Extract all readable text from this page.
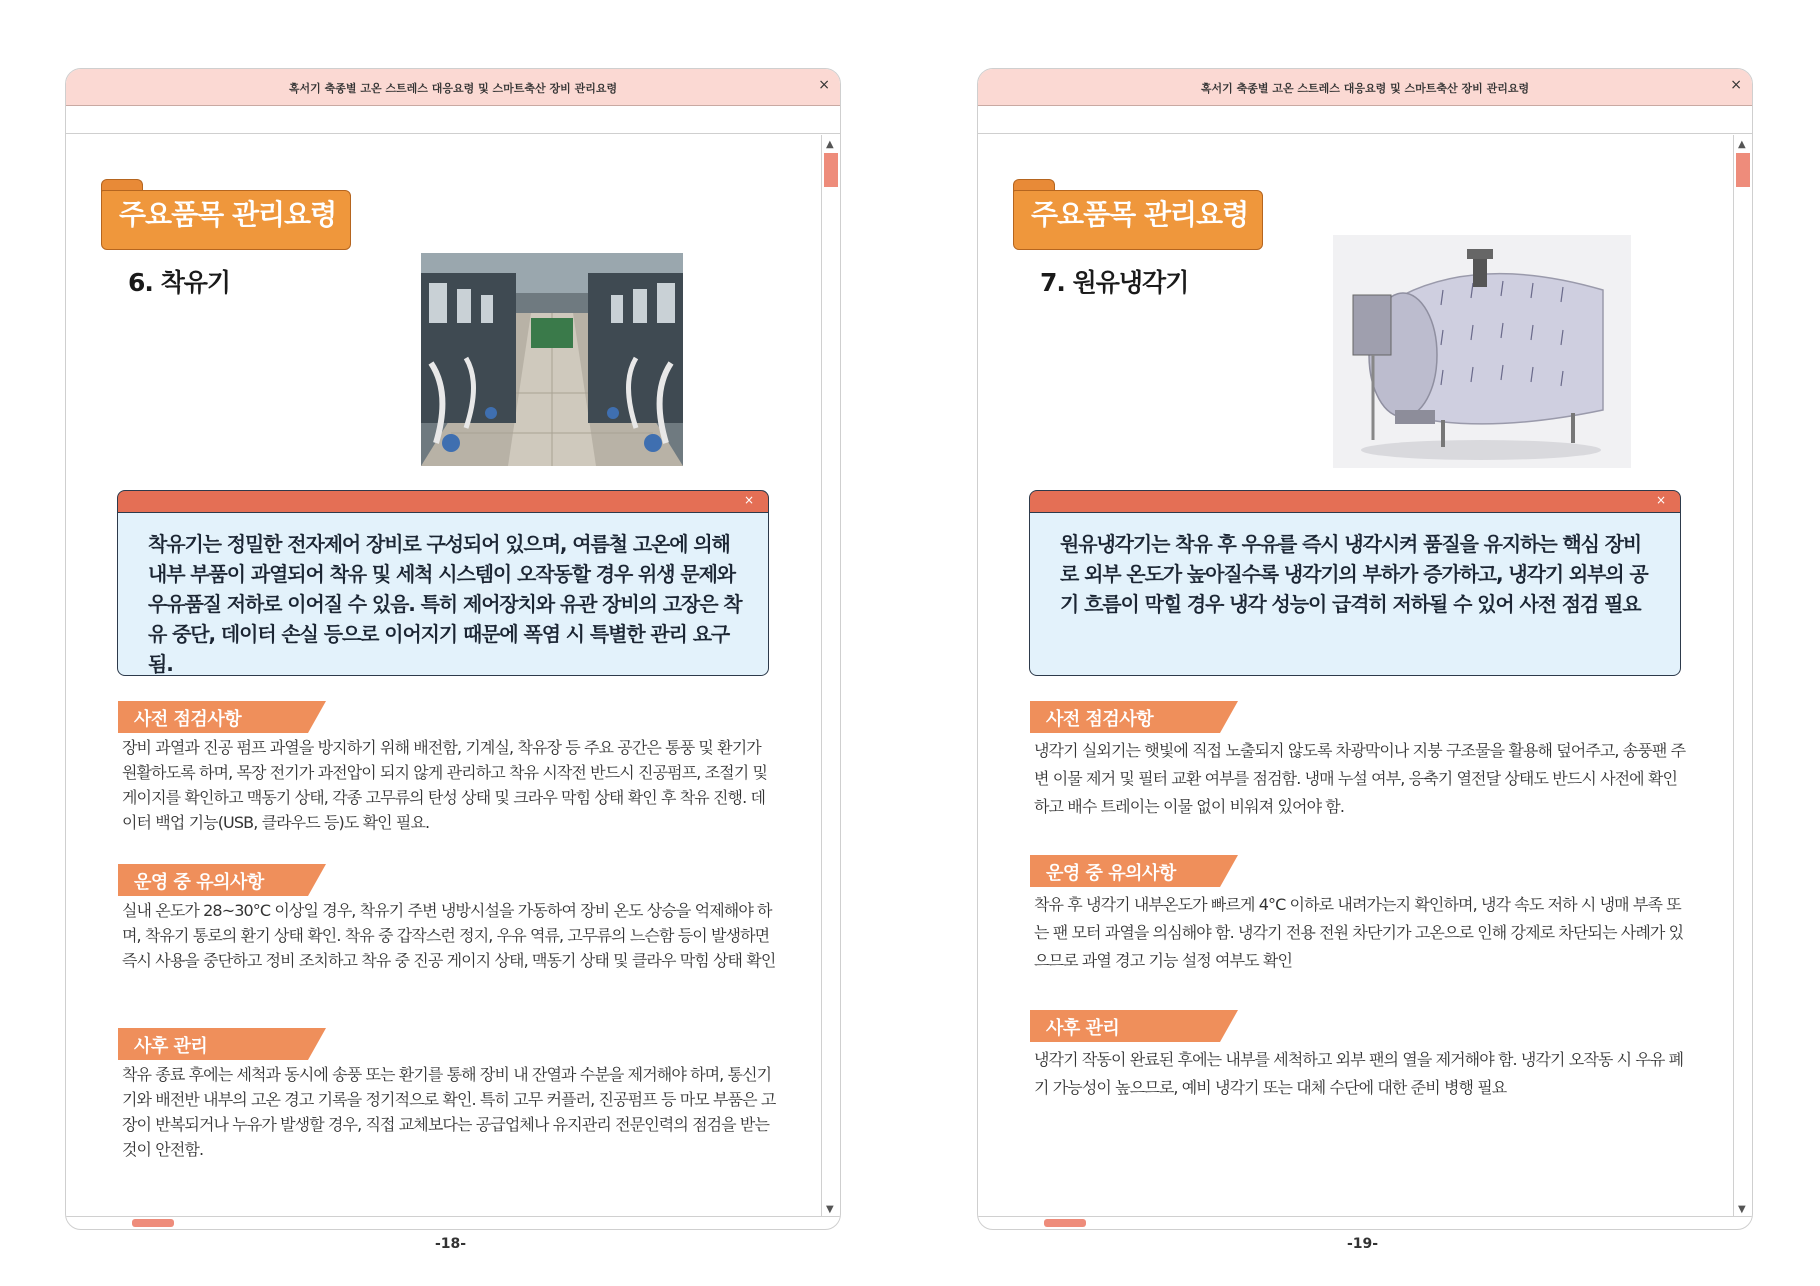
혹서기 축종별 고온 스트레스 대응요령 및 스마트축산 장비 관리요령	×
주요품목 관리요령
6. 착유기
×
착유기는 정밀한 전자제어 장비로 구성되어 있으며, 여름철 고온에 의해 내부 부품이 과열되어 착유 및 세척 시스템이 오작동할 경우 위생 문제와 우유품질 저하로 이어질 수 있음. 특히 제어장치와 유관 장비의 고장은 착유 중단, 데이터 손실 등으로 이어지기 때문에 폭염 시 특별한 관리 요구됨.
사전 점검사항
장비 과열과 진공 펌프 과열을 방지하기 위해 배전함, 기계실, 착유장 등 주요 공간은 통풍 및 환기가 원활하도록 하며, 목장 전기가 과전압이 되지 않게 관리하고 착유 시작전 반드시 진공펌프, 조절기 및 게이지를 확인하고 맥동기 상태, 각종 고무류의 탄성 상태 및 크라우 막힘 상태 확인 후 착유 진행. 데이터 백업 기능(USB, 클라우드 등)도 확인 필요.
운영 중 유의사항
실내 온도가 28~30°C 이상일 경우, 착유기 주변 냉방시설을 가동하여 장비 온도 상승을 억제해야 하며, 착유기 통로의 환기 상태 확인. 착유 중 갑작스런 정지, 우유 역류, 고무류의 느슨함 등이 발생하면 즉시 사용을 중단하고 정비 조치하고 착유 중 진공 게이지 상태, 맥동기 상태 및 클라우 막힘 상태 확인
사후 관리
착유 종료 후에는 세척과 동시에 송풍 또는 환기를 통해 장비 내 잔열과 수분을 제거해야 하며, 통신기기와 배전반 내부의 고온 경고 기록을 정기적으로 확인. 특히 고무 커플러, 진공펌프 등 마모 부품은 고장이 반복되거나 누유가 발생할 경우, 직접 교체보다는 공급업체나 유지관리 전문인력의 점검을 받는 것이 안전함.
▲
▼
-18-
혹서기 축종별 고온 스트레스 대응요령 및 스마트축산 장비 관리요령	×
주요품목 관리요령
7. 원유냉각기
×
원유냉각기는 착유 후 우유를 즉시 냉각시켜 품질을 유지하는 핵심 장비로 외부 온도가 높아질수록 냉각기의 부하가 증가하고, 냉각기 외부의 공기 흐름이 막힐 경우 냉각 성능이 급격히 저하될 수 있어 사전 점검 필요
사전 점검사항
냉각기 실외기는 햇빛에 직접 노출되지 않도록 차광막이나 지붕 구조물을 활용해 덮어주고, 송풍팬 주변 이물 제거 및 필터 교환 여부를 점검함. 냉매 누설 여부, 응축기 열전달 상태도 반드시 사전에 확인하고 배수 트레이는 이물 없이 비워져 있어야 함.
운영 중 유의사항
착유 후 냉각기 내부온도가 빠르게 4°C 이하로 내려가는지 확인하며, 냉각 속도 저하 시 냉매 부족 또는 팬 모터 과열을 의심해야 함. 냉각기 전용 전원 차단기가 고온으로 인해 강제로 차단되는 사례가 있으므로 과열 경고 기능 설정 여부도 확인
사후 관리
냉각기 작동이 완료된 후에는 내부를 세척하고 외부 팬의 열을 제거해야 함. 냉각기 오작동 시 우유 폐기 가능성이 높으므로, 예비 냉각기 또는 대체 수단에 대한 준비 병행 필요
▲
▼
-19-
